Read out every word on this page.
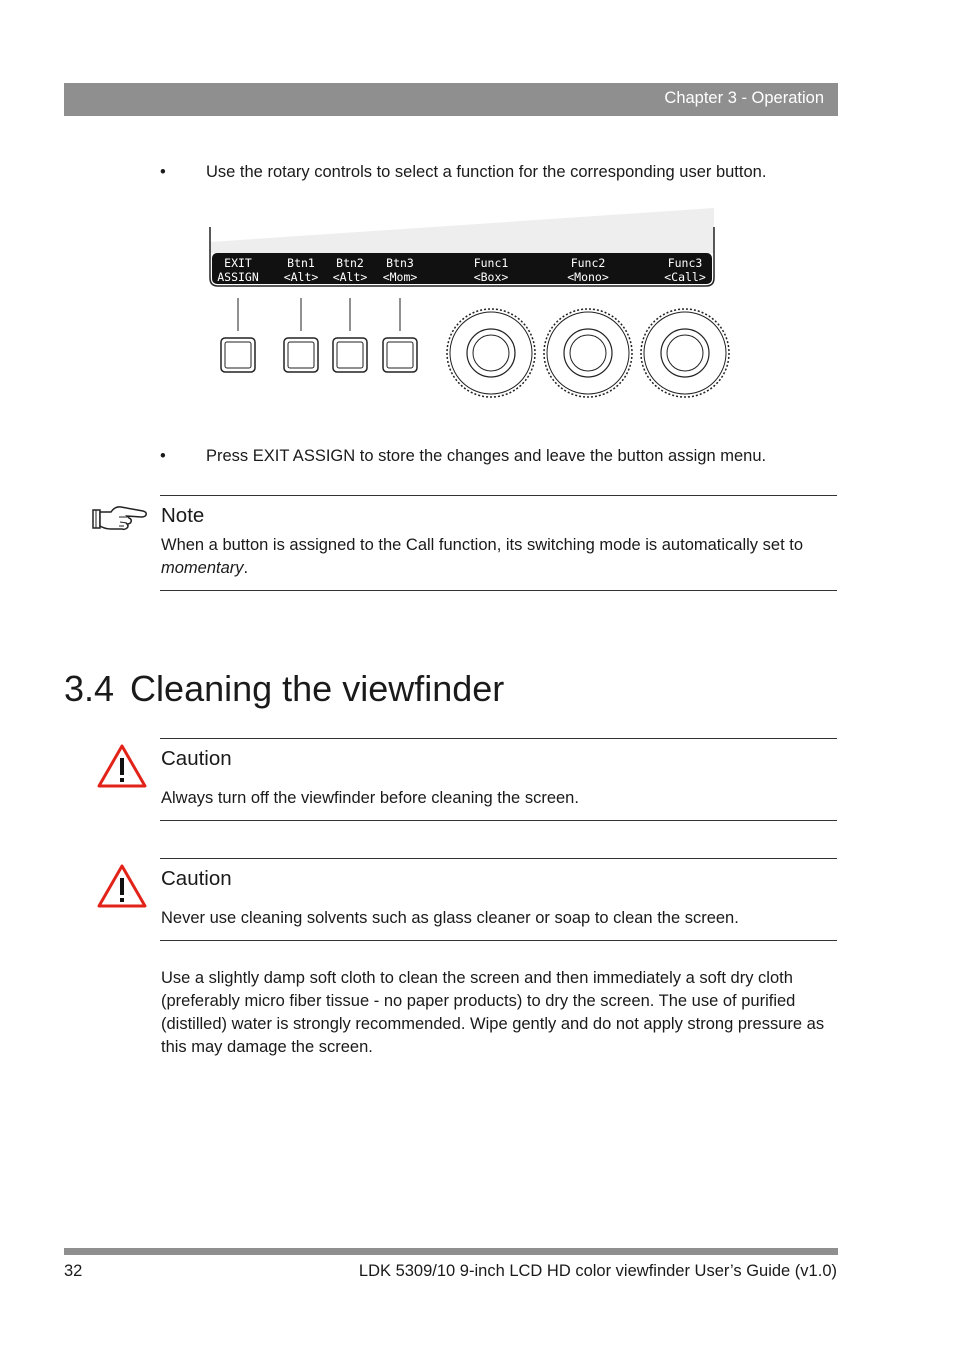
Chapter 3 - Operation
• Use the rotary controls to select a function for the corresponding user button.
EXIT
ASSIGN
Btn1
<Alt>
Btn2
<Alt>
Btn3
<Mom>
Func1
<Box>
Func2
<Mono>
Func3
<Call>
• Press EXIT ASSIGN to store the changes and leave the button assign menu.
Note
When a button is assigned to the Call function, its switching mode is automatically set to momentary.
3.4 Cleaning the viewfinder
Caution
Always turn off the viewfinder before cleaning the screen.
Caution
Never use cleaning solvents such as glass cleaner or soap to clean the screen.
Use a slightly damp soft cloth to clean the screen and then immediately a soft dry cloth (preferably micro fiber tissue - no paper products) to dry the screen. The use of purified (distilled) water is strongly recommended. Wipe gently and do not apply strong pressure as this may damage the screen.
32	LDK 5309/10 9-inch LCD HD color viewfinder User’s Guide (v1.0)
